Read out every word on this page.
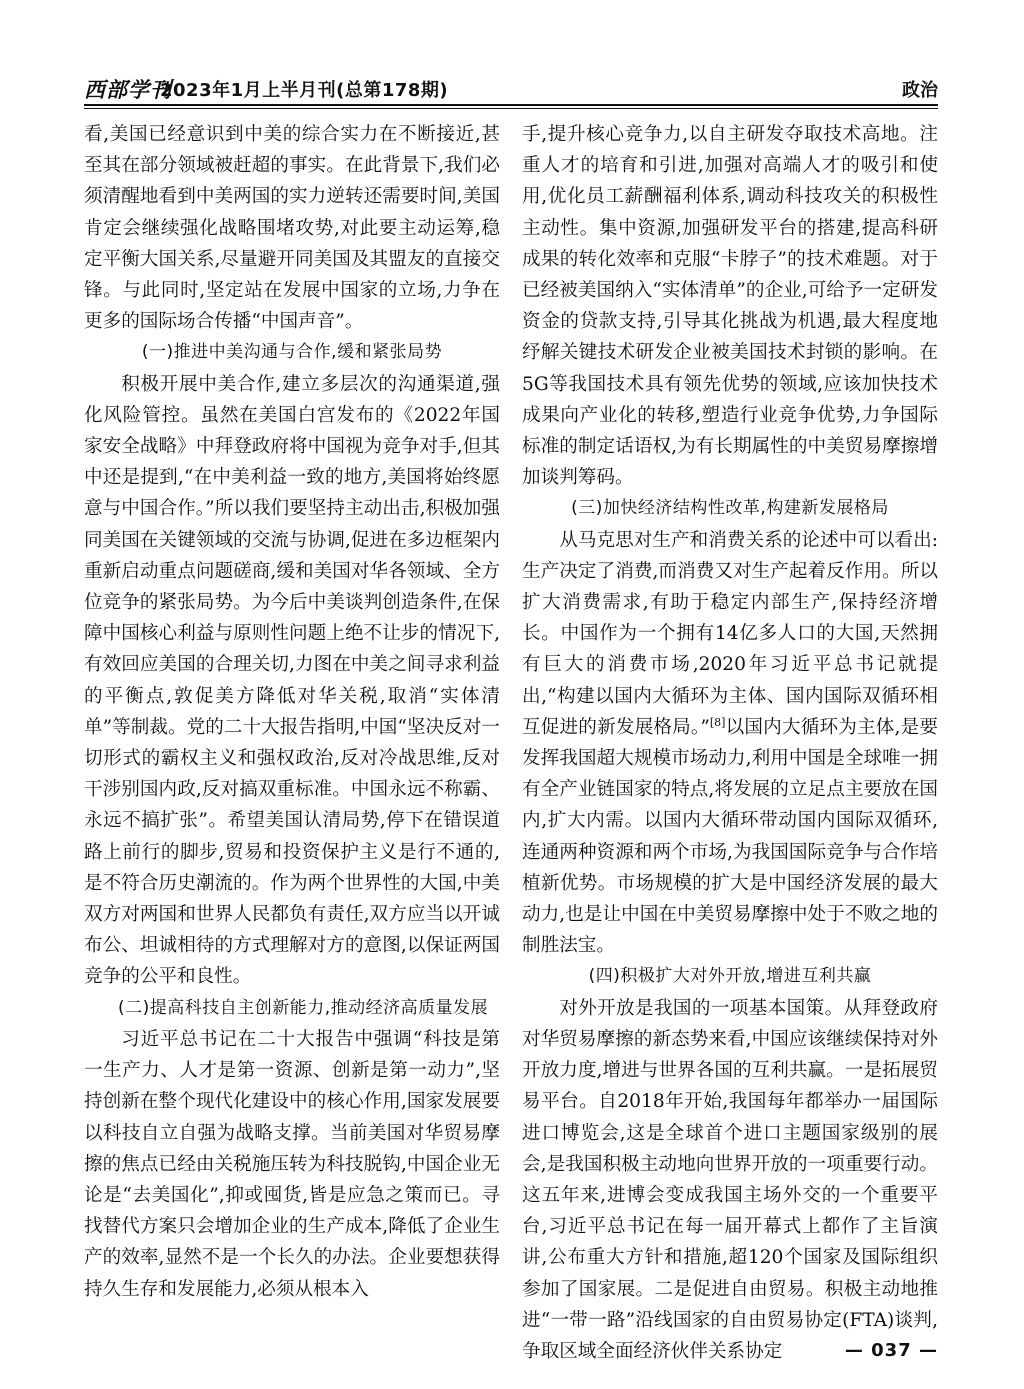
西部学刊
2023年1月上半月刊(总第178期)	政治

看,美国已经意识到中美的综合实力在不断接近,甚至其在部分领域被赶超的事实。在此背景下,我们必须清醒地看到中美两国的实力逆转还需要时间,美国肯定会继续强化战略围堵攻势,对此要主动运筹,稳定平衡大国关系,尽量避开同美国及其盟友的直接交锋。与此同时,坚定站在发展中国家的立场,力争在更多的国际场合传播“中国声音”。

(一)推进中美沟通与合作,缓和紧张局势

积极开展中美合作,建立多层次的沟通渠道,强化风险管控。虽然在美国白宫发布的《2022年国家安全战略》中拜登政府将中国视为竞争对手,但其中还是提到,“在中美利益一致的地方,美国将始终愿意与中国合作。”所以我们要坚持主动出击,积极加强同美国在关键领域的交流与协调,促进在多边框架内重新启动重点问题磋商,缓和美国对华各领域、全方位竞争的紧张局势。为今后中美谈判创造条件,在保障中国核心利益与原则性问题上绝不让步的情况下,有效回应美国的合理关切,力图在中美之间寻求利益的平衡点,敦促美方降低对华关税,取消“实体清单”等制裁。党的二十大报告指明,中国“坚决反对一切形式的霸权主义和强权政治,反对冷战思维,反对干涉别国内政,反对搞双重标准。中国永远不称霸、永远不搞扩张”。希望美国认清局势,停下在错误道路上前行的脚步,贸易和投资保护主义是行不通的,是不符合历史潮流的。作为两个世界性的大国,中美双方对两国和世界人民都负有责任,双方应当以开诚布公、坦诚相待的方式理解对方的意图,以保证两国竞争的公平和良性。

(二)提高科技自主创新能力,推动经济高质量发展

习近平总书记在二十大报告中强调“科技是第一生产力、人才是第一资源、创新是第一动力”,坚持创新在整个现代化建设中的核心作用,国家发展要以科技自立自强为战略支撑。当前美国对华贸易摩擦的焦点已经由关税施压转为科技脱钩,中国企业无论是“去美国化”,抑或囤货,皆是应急之策而已。寻找替代方案只会增加企业的生产成本,降低了企业生产的效率,显然不是一个长久的办法。企业要想获得持久生存和发展能力,必须从根本入

手,提升核心竞争力,以自主研发夺取技术高地。注重人才的培育和引进,加强对高端人才的吸引和使用,优化员工薪酬福利体系,调动科技攻关的积极性主动性。集中资源,加强研发平台的搭建,提高科研成果的转化效率和克服“卡脖子”的技术难题。对于已经被美国纳入“实体清单”的企业,可给予一定研发资金的贷款支持,引导其化挑战为机遇,最大程度地纾解关键技术研发企业被美国技术封锁的影响。在5G等我国技术具有领先优势的领域,应该加快技术成果向产业化的转移,塑造行业竞争优势,力争国际标准的制定话语权,为有长期属性的中美贸易摩擦增加谈判筹码。

(三)加快经济结构性改革,构建新发展格局

从马克思对生产和消费关系的论述中可以看出:生产决定了消费,而消费又对生产起着反作用。所以扩大消费需求,有助于稳定内部生产,保持经济增长。中国作为一个拥有14亿多人口的大国,天然拥有巨大的消费市场,2020年习近平总书记就提出,“构建以国内大循环为主体、国内国际双循环相互促进的新发展格局。”[8]以国内大循环为主体,是要发挥我国超大规模市场动力,利用中国是全球唯一拥有全产业链国家的特点,将发展的立足点主要放在国内,扩大内需。以国内大循环带动国内国际双循环,连通两种资源和两个市场,为我国国际竞争与合作培植新优势。市场规模的扩大是中国经济发展的最大动力,也是让中国在中美贸易摩擦中处于不败之地的制胜法宝。

(四)积极扩大对外开放,增进互利共赢

对外开放是我国的一项基本国策。从拜登政府对华贸易摩擦的新态势来看,中国应该继续保持对外开放力度,增进与世界各国的互利共赢。一是拓展贸易平台。自2018年开始,我国每年都举办一届国际进口博览会,这是全球首个进口主题国家级别的展会,是我国积极主动地向世界开放的一项重要行动。这五年来,进博会变成我国主场外交的一个重要平台,习近平总书记在每一届开幕式上都作了主旨演讲,公布重大方针和措施,超120个国家及国际组织参加了国家展。二是促进自由贸易。积极主动地推进“一带一路”沿线国家的自由贸易协定(FTA)谈判,争取区域全面经济伙伴关系协定	— 037 —
